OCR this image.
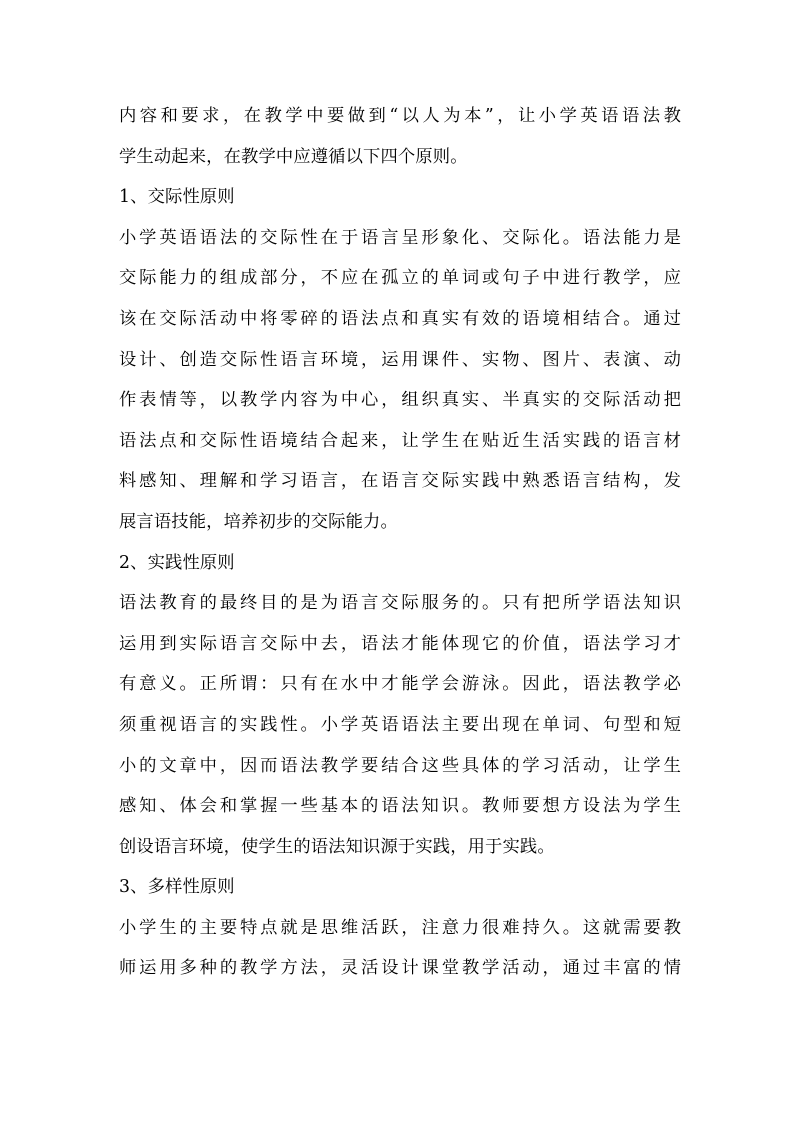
内容和要求，在教学中要做到“以人为本”，让小学英语语法教
学生动起来，在教学中应遵循以下四个原则。
1、交际性原则
小学英语语法的交际性在于语言呈形象化、交际化。语法能力是
交际能力的组成部分，不应在孤立的单词或句子中进行教学，应
该在交际活动中将零碎的语法点和真实有效的语境相结合。通过
设计、创造交际性语言环境，运用课件、实物、图片、表演、动
作表情等，以教学内容为中心，组织真实、半真实的交际活动把
语法点和交际性语境结合起来，让学生在贴近生活实践的语言材
料感知、理解和学习语言，在语言交际实践中熟悉语言结构，发
展言语技能，培养初步的交际能力。
2、实践性原则
语法教育的最终目的是为语言交际服务的。只有把所学语法知识
运用到实际语言交际中去，语法才能体现它的价值，语法学习才
有意义。正所谓：只有在水中才能学会游泳。因此，语法教学必
须重视语言的实践性。小学英语语法主要出现在单词、句型和短
小的文章中，因而语法教学要结合这些具体的学习活动，让学生
感知、体会和掌握一些基本的语法知识。教师要想方设法为学生
创设语言环境，使学生的语法知识源于实践，用于实践。
3、多样性原则
小学生的主要特点就是思维活跃，注意力很难持久。这就需要教
师运用多种的教学方法，灵活设计课堂教学活动，通过丰富的情
